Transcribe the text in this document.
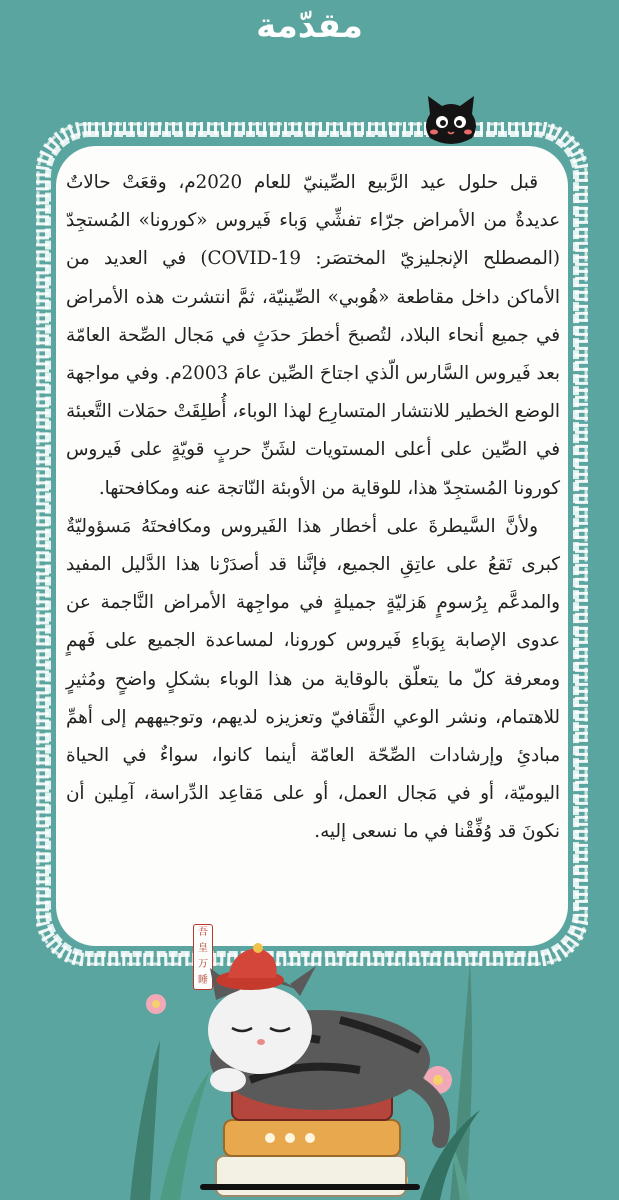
مقدّمة

قبل حلول عيد الرَّبيع الصِّينيّ للعام 2020م، وقعَتْ حالاتٌ عديدةٌ من الأمراض جرّاء تفشِّي وَباء فَيروس «كورونا» المُستجِدّ (المصطلح الإنجليزيّ المختصَر: COVID-19) في العديد من الأماكن داخل مقاطعة «هُوبي» الصِّينيّة، ثمَّ انتشرت هذه الأمراض في جميع أنحاء البلاد، لتُصبحَ أخطرَ حدَثٍ في مَجال الصِّحة العامّة بعد فَيروس السَّارس الّذي اجتاحَ الصِّين عامَ 2003م. وفي مواجهة الوضع الخطير للانتشار المتسارِع لهذا الوباء، أُطلِقَتْ حمَلات التَّعبئة في الصِّين على أعلى المستويات لشَنِّ حربٍ قويّةٍ على فَيروس كورونا المُستجِدّ هذا، للوقاية من الأوبئة النّاتجة عنه ومكافحتها.

ولأنَّ السَّيطرةَ على أخطار هذا الفَيروس ومكافحتَهُ مَسؤوليّةٌ كبرى تَقعُ على عاتِقِ الجميع، فإنَّنا قد أصدَرْنا هذا الدَّليل المفيد والمدعَّم بِرُسومٍ هَزليّةٍ جميلةٍ في مواجِهة الأمراض النَّاجمة عن عدوى الإصابة بِوَباءِ فَيروس كورونا، لمساعدة الجميع على فَهمٍ ومعرفة كلّ ما يتعلّق بالوقاية من هذا الوباء بشكلٍ واضحٍ ومُثيرٍ للاهتمام، ونشر الوعي الثَّقافيّ وتعزيزه لديهم، وتوجيههم إلى أهمِّ مبادئِ وإرشادات الصِّحّة العامّة أينما كانوا، سواءٌ في الحياة اليوميّة، أو في مَجال العمل، أو على مَقاعِد الدِّراسة، آمِلين أن نكونَ قد وُفِّقْنا في ما نسعى إليه.

吾
皇
万
睡
